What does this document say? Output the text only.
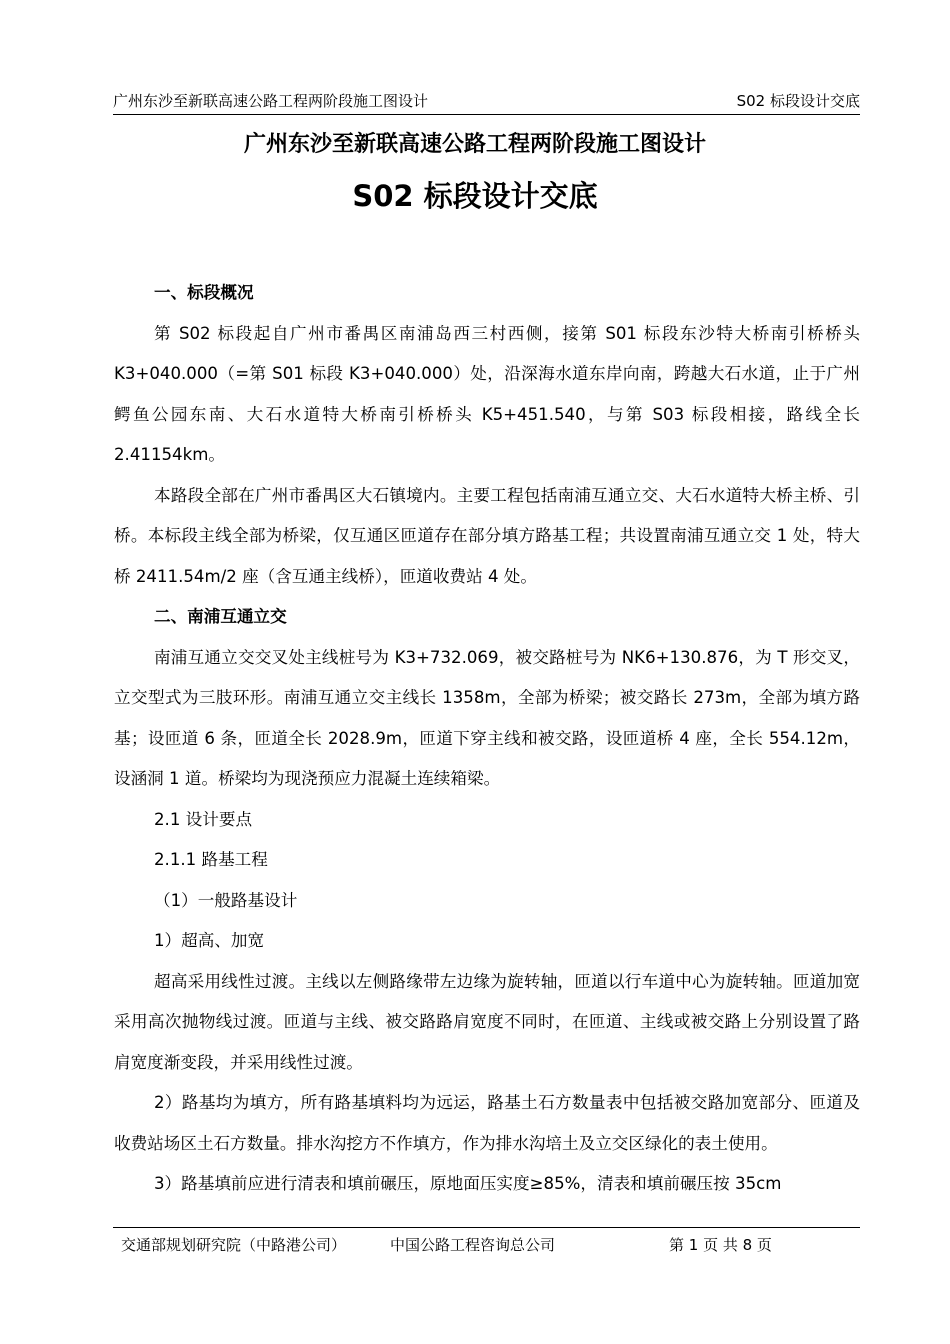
广州东沙至新联高速公路工程两阶段施工图设计	S02 标段设计交底
广州东沙至新联高速公路工程两阶段施工图设计
S02 标段设计交底

一、标段概况

第 S02 标段起自广州市番禺区南浦岛西三村西侧，接第 S01 标段东沙特大桥南引桥桥头 K3+040.000（=第 S01 标段 K3+040.000）处，沿深海水道东岸向南，跨越大石水道，止于广州鳄鱼公园东南、大石水道特大桥南引桥桥头 K5+451.540，与第 S03 标段相接，路线全长 2.41154km。

本路段全部在广州市番禺区大石镇境内。主要工程包括南浦互通立交、大石水道特大桥主桥、引桥。本标段主线全部为桥梁，仅互通区匝道存在部分填方路基工程；共设置南浦互通立交 1 处，特大桥 2411.54m/2 座（含互通主线桥），匝道收费站 4 处。

二、南浦互通立交

南浦互通立交交叉处主线桩号为 K3+732.069，被交路桩号为 NK6+130.876，为 T 形交叉，立交型式为三肢环形。南浦互通立交主线长 1358m，全部为桥梁；被交路长 273m，全部为填方路基；设匝道 6 条，匝道全长 2028.9m，匝道下穿主线和被交路，设匝道桥 4 座，全长 554.12m，设涵洞 1 道。桥梁均为现浇预应力混凝土连续箱梁。

2.1 设计要点

2.1.1 路基工程

（1）一般路基设计

1）超高、加宽

超高采用线性过渡。主线以左侧路缘带左边缘为旋转轴，匝道以行车道中心为旋转轴。匝道加宽采用高次抛物线过渡。匝道与主线、被交路路肩宽度不同时，在匝道、主线或被交路上分别设置了路肩宽度渐变段，并采用线性过渡。

2）路基均为填方，所有路基填料均为远运，路基土石方数量表中包括被交路加宽部分、匝道及收费站场区土石方数量。排水沟挖方不作填方，作为排水沟培土及立交区绿化的表土使用。

3）路基填前应进行清表和填前碾压，原地面压实度≥85%，清表和填前碾压按 35cm

交通部规划研究院（中路港公司）	中国公路工程咨询总公司	第 1 页 共 8 页
